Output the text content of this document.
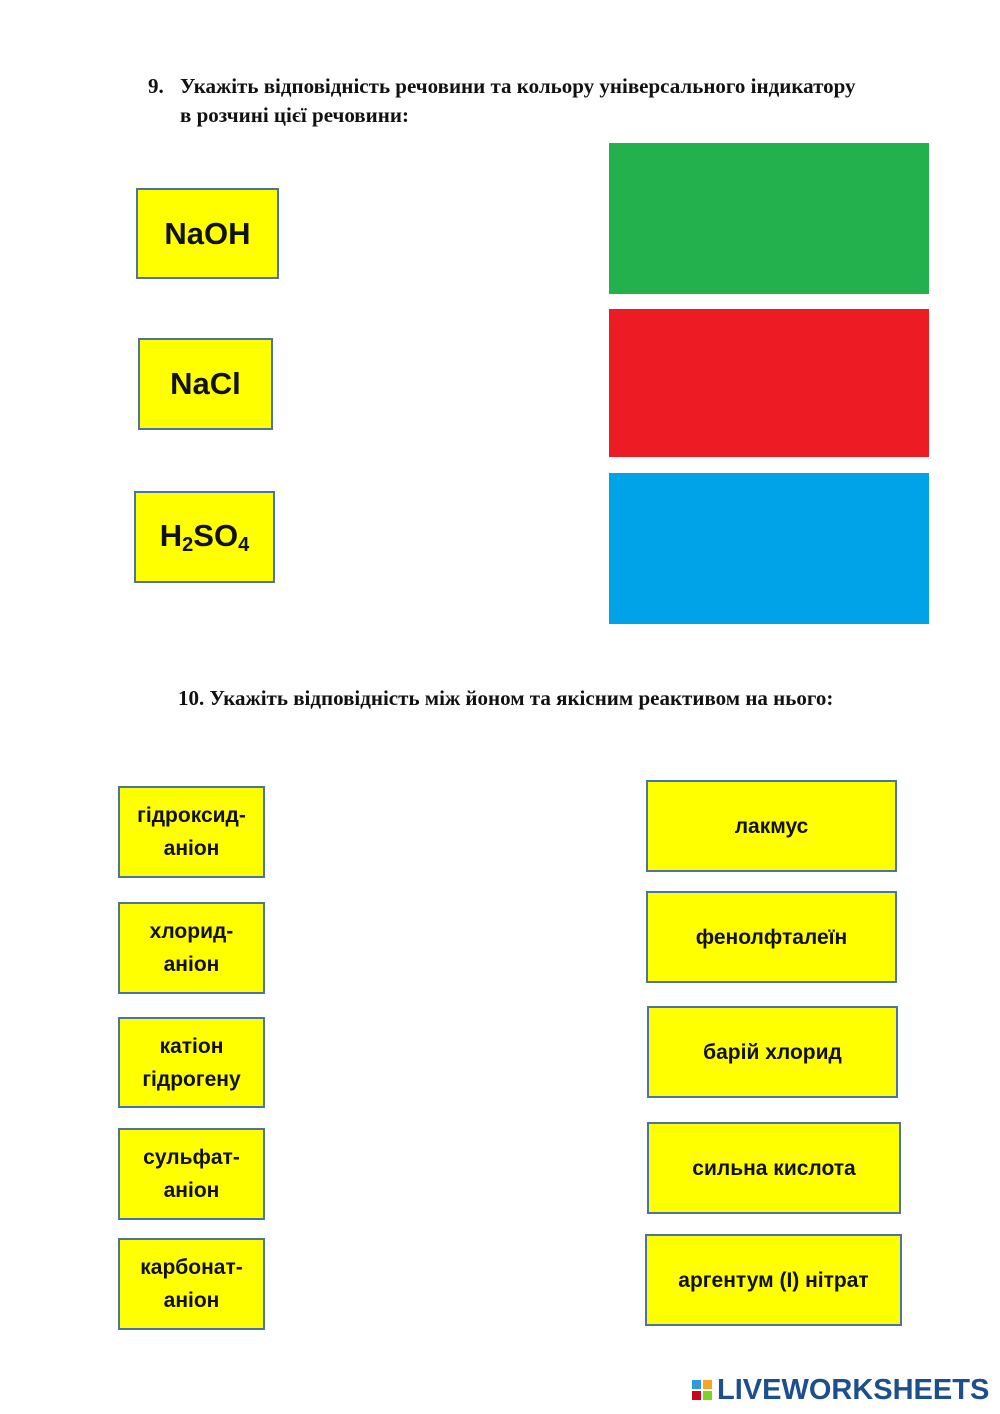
9. Укажіть відповідність речовини та кольору універсального індикатору в розчині цієї речовини:
NaOH
NaCl
$H_2SO_4$
10. Укажіть відповідність між йоном та якісним реактивом на нього:
гідроксид-
аніон
хлорид-
аніон
катіон
гідрогену
сульфат-
аніон
карбонат-
аніон
лакмус
фенолфталеїн
барій хлорид
сильна кислота
аргентум (І) нітрат
LIVEWORKSHEETS
